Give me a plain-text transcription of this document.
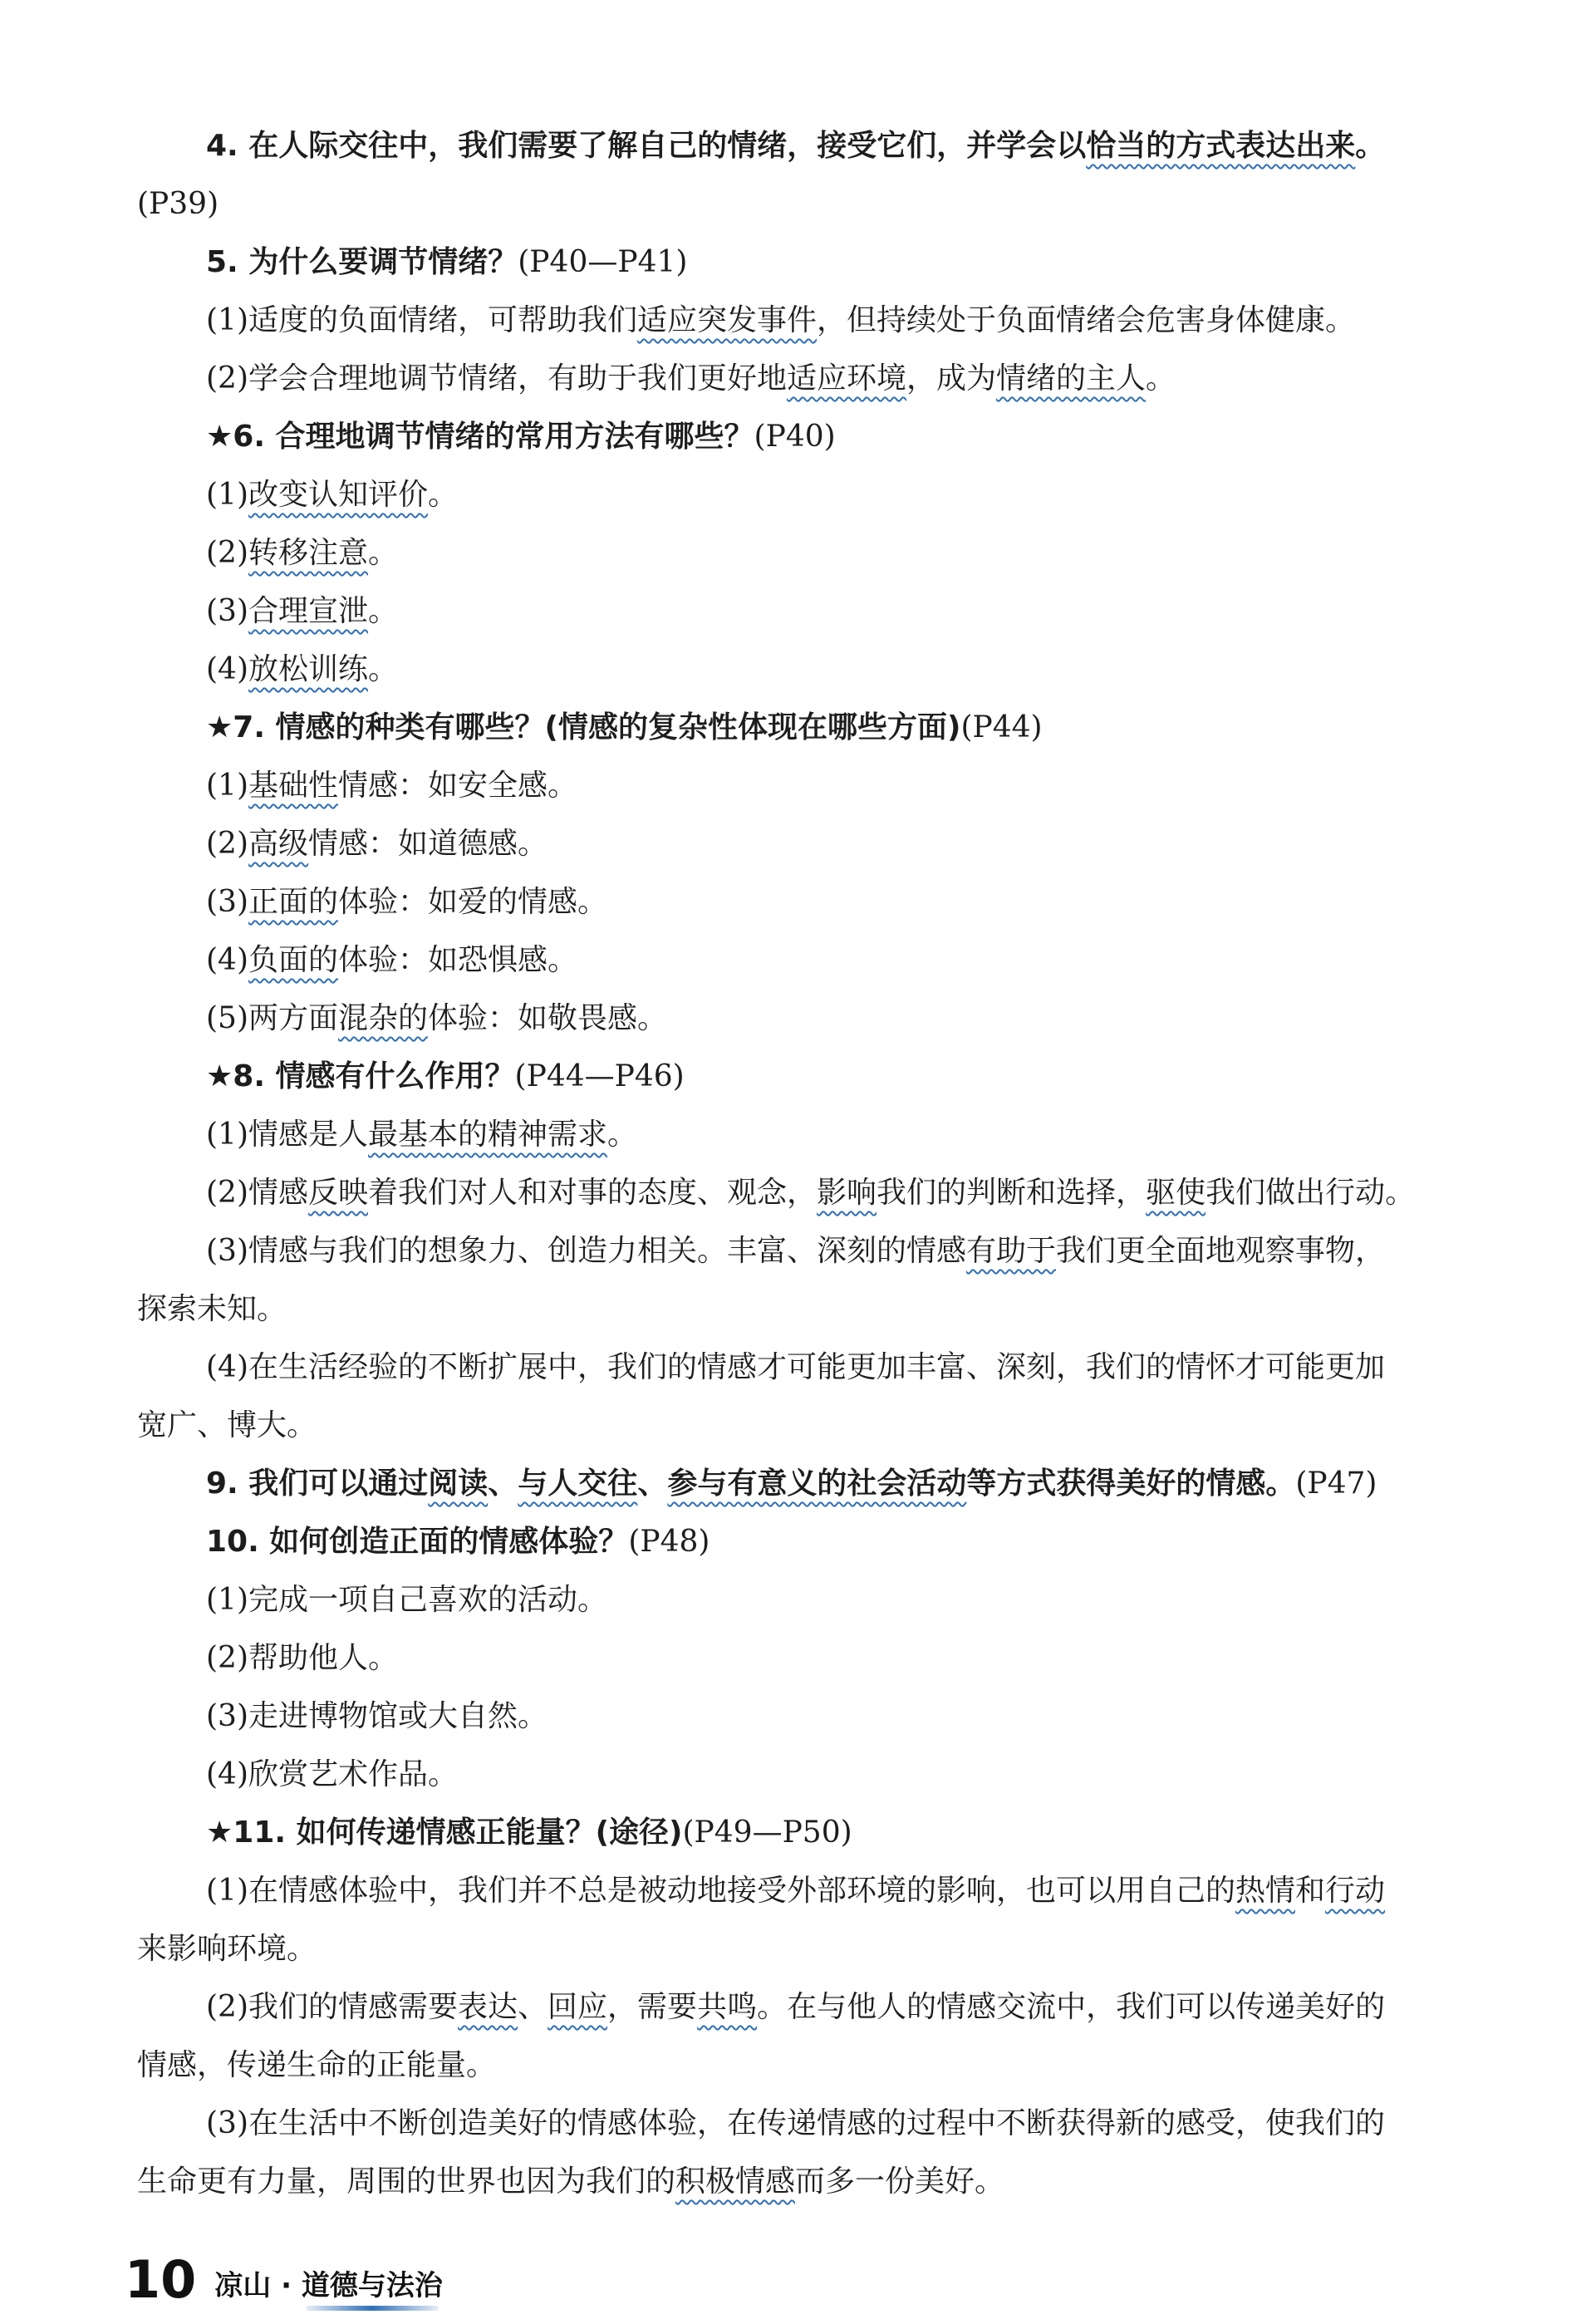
4. 在人际交往中，我们需要了解自己的情绪，接受它们，并学会以恰当的方式表达出来。
(P39)
5. 为什么要调节情绪？(P40—P41)
(1)适度的负面情绪，可帮助我们适应突发事件，但持续处于负面情绪会危害身体健康。
(2)学会合理地调节情绪，有助于我们更好地适应环境，成为情绪的主人。
★6. 合理地调节情绪的常用方法有哪些？(P40)
(1)改变认知评价。
(2)转移注意。
(3)合理宣泄。
(4)放松训练。
★7. 情感的种类有哪些？(情感的复杂性体现在哪些方面)(P44)
(1)基础性情感：如安全感。
(2)高级情感：如道德感。
(3)正面的体验：如爱的情感。
(4)负面的体验：如恐惧感。
(5)两方面混杂的体验：如敬畏感。
★8. 情感有什么作用？(P44—P46)
(1)情感是人最基本的精神需求。
(2)情感反映着我们对人和对事的态度、观念，影响我们的判断和选择，驱使我们做出行动。
(3)情感与我们的想象力、创造力相关。丰富、深刻的情感有助于我们更全面地观察事物，
探索未知。
(4)在生活经验的不断扩展中，我们的情感才可能更加丰富、深刻，我们的情怀才可能更加
宽广、博大。
9. 我们可以通过阅读、与人交往、参与有意义的社会活动等方式获得美好的情感。(P47)
10. 如何创造正面的情感体验？(P48)
(1)完成一项自己喜欢的活动。
(2)帮助他人。
(3)走进博物馆或大自然。
(4)欣赏艺术作品。
★11. 如何传递情感正能量？(途径)(P49—P50)
(1)在情感体验中，我们并不总是被动地接受外部环境的影响，也可以用自己的热情和行动
来影响环境。
(2)我们的情感需要表达、回应，需要共鸣。在与他人的情感交流中，我们可以传递美好的
情感，传递生命的正能量。
(3)在生活中不断创造美好的情感体验，在传递情感的过程中不断获得新的感受，使我们的
生命更有力量，周围的世界也因为我们的积极情感而多一份美好。
10 凉山 · 道德与法治
